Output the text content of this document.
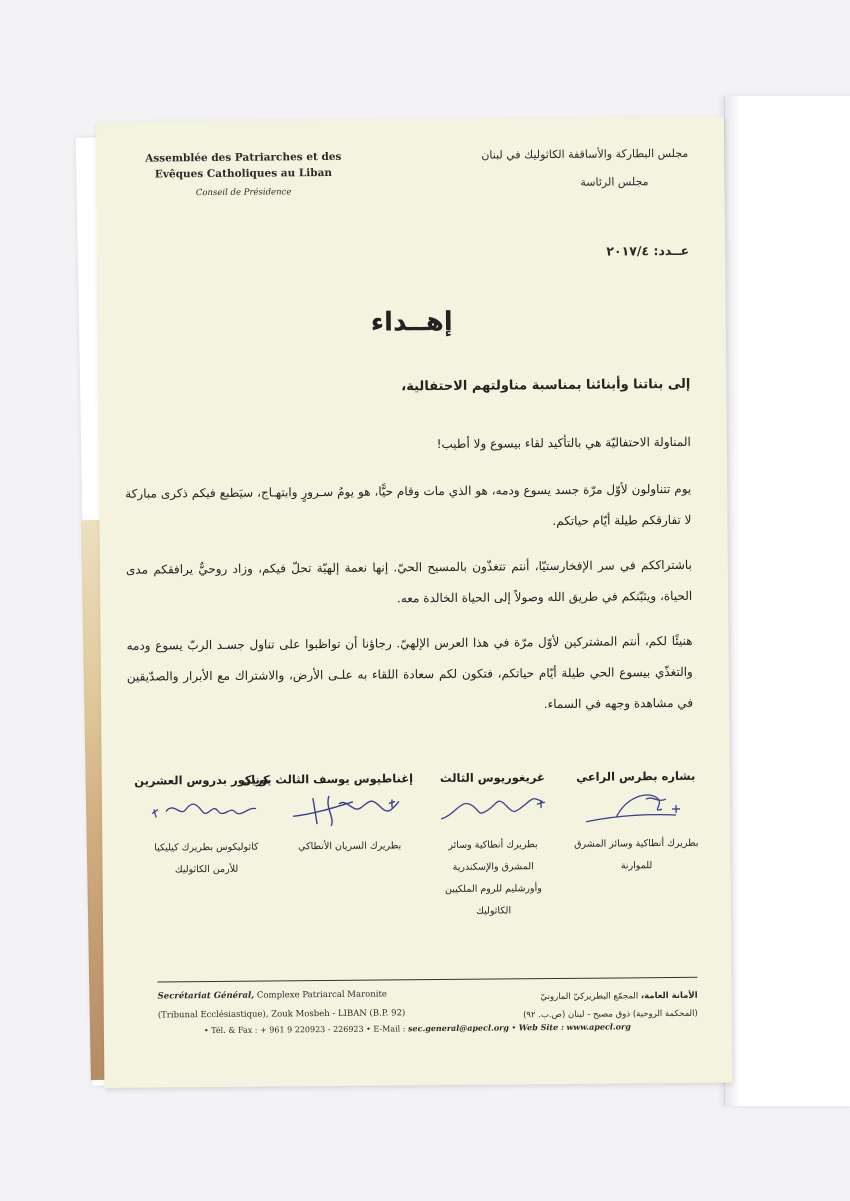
Assemblée des Patriarches et des
Evêques Catholiques au Liban
Conseil de Présidence
مجلس البطاركة والأساقفة الكاثوليك في لبنان
مجلس الرئاسة
عــدد: ٢٠١٧/٤
إهــداء
إلى بناتنا وأبنائنا بمناسبة مناولتهم الاحتفالية،

المناولة الاحتفاليّة هي بالتأكيد لقاء بيسوع ولا أطيب!

يوم تتناولون لأوّل مرّة جسد يسوع ودمه، هو الذي مات وقام حيًّا، هو يومُ سـرورٍ وابتهـاج، سيَطبع فيكم ذكرى مباركة لا تفارقكم طيلة أيّام حياتكم.

باشتراككم في سر الإفخارستيّا، أنتم تتغذّون بالمسيح الحيّ. إنها نعمة إلهيّة تحلّ فيكم، وزاد روحيٌّ يرافقكم مدى الحياة، ويثبّتكم في طريق الله وصولاً إلى الحياة الخالدة معه.

هنيئًا لكم، أنتم المشتركين لأوّل مرّة في هذا العرس الإلهيّ. رجاؤنا أن تواظبوا على تناول جسـد الربّ يسوع ودمه والتغذّي بيسوع الحي طيلة أيّام حياتكم، فتكون لكم سعادة اللقاء به علـى الأرض، والاشتراك مع الأبرار والصدّيقين في مشاهدة وجهه في السماء.

كريكور بدروس العشرين
كاثوليكوس بطريرك كيليكيا
للأرمن الكاثوليك
إغناطيوس يوسف الثالث يونان
بطريرك السريان الأنطاكي
غريغوريوس الثالث
بطريرك أنطاكية وسائر
المشرق والإسكندرية
وأورشليم للروم الملكيين
الكاثوليك
بشاره بطرس الراعي
بطريرك أنطاكية وسائر المشرق
للموارنة
Secrétariat Général, Complexe Patriarcal Maronite
(Tribunal Ecclésiastique), Zouk Mosbeh - LIBAN (B.P. 92)
• Tél. & Fax : + 961 9 220923 - 226923 • E-Mail : sec.general@apecl.org • Web Site : www.apecl.org
الأمانة العامة، المجمّع البطريركيّ المارونيّ
(المحكمة الروحية) ذوق مصبح - لبنان (ص.ب. ٩٢)
